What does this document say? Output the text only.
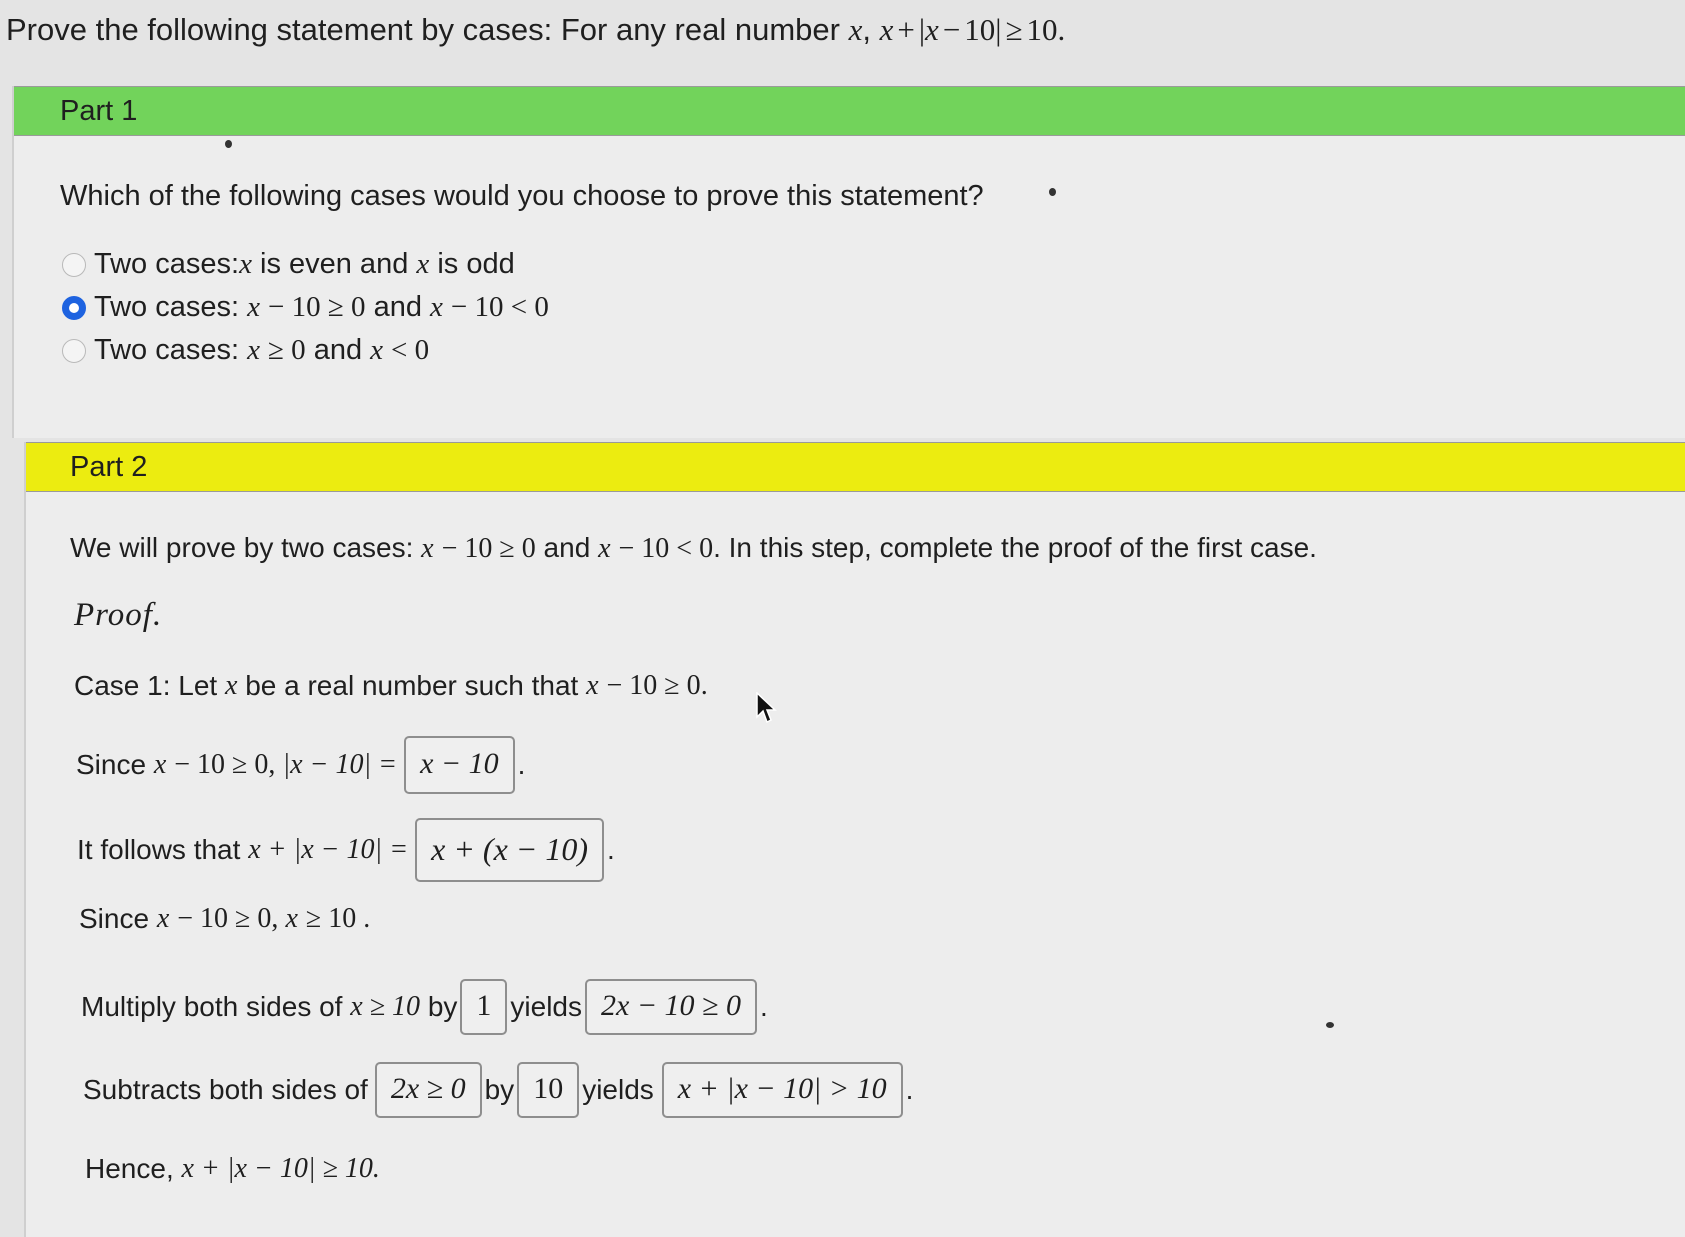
Prove the following statement by cases: For any real number x, x + |x − 10| ≥ 10.
Part 1
Which of the following cases would you choose to prove this statement?
Two cases: x is even and x is odd
Two cases: x − 10 ≥ 0 and x − 10 < 0
Two cases: x ≥ 0 and x < 0
Part 2
We will prove by two cases: x − 10 ≥ 0 and x − 10 < 0. In this step, complete the proof of the first case.
Proof.
Case 1: Let x be a real number such that x − 10 ≥ 0 .
Since x − 10 ≥ 0, |x − 10| = x − 10 .
It follows that x + |x − 10| = x + (x − 10) .
Since x − 10 ≥ 0, x ≥ 10 .
Multiply both sides of x ≥ 10 by 1 yields 2x − 10 ≥ 0 .
Subtracts both sides of 2x ≥ 0 by 10 yields x + |x − 10| > 10 .
Hence, x + |x − 10| ≥ 10.
